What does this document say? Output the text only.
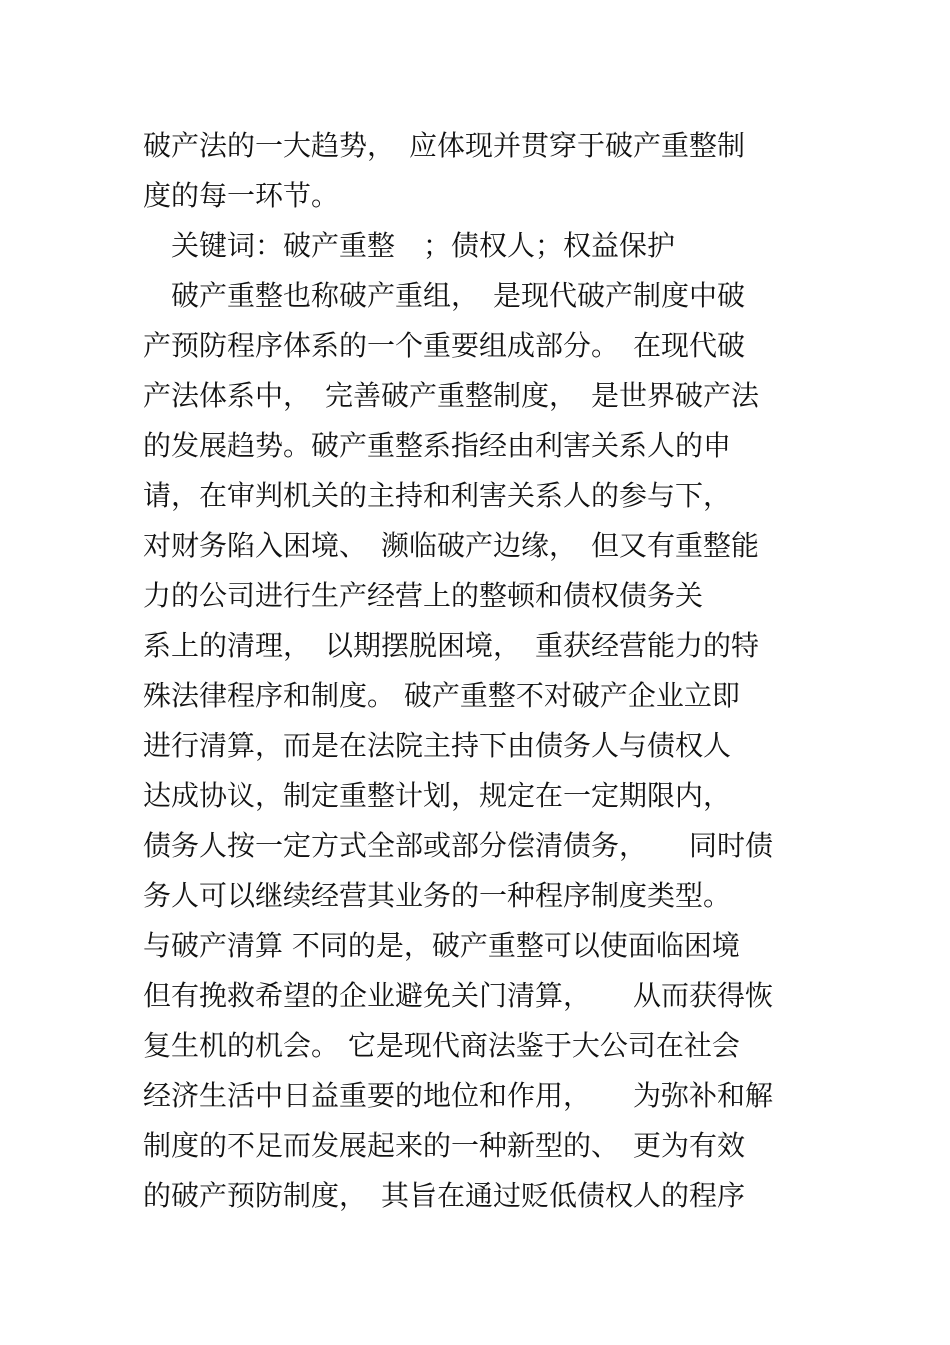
破产法的一大趋势，　应体现并贯穿于破产重整制
度的每一环节。
　关键词：破产重整　；债权人；权益保护
　破产重整也称破产重组，　是现代破产制度中破
产预防程序体系的一个重要组成部分。　在现代破
产法体系中，　完善破产重整制度，　是世界破产法
的发展趋势。破产重整系指经由利害关系人的申
请，在审判机关的主持和利害关系人的参与下，
对财务陷入困境、　濒临破产边缘，　但又有重整能
力的公司进行生产经营上的整顿和债权债务关
系上的清理，　以期摆脱困境，　重获经营能力的特
殊法律程序和制度。 破产重整不对破产企业立即
进行清算，而是在法院主持下由债务人与债权人
达成协议，制定重整计划，规定在一定期限内，
债务人按一定方式全部或部分偿清债务，　　同时债
务人可以继续经营其业务的一种程序制度类型。
与破产清算 不同的是，破产重整可以使面临困境
但有挽救希望的企业避免关门清算，　　从而获得恢
复生机的机会。 它是现代商法鉴于大公司在社会
经济生活中日益重要的地位和作用，　　为弥补和解
制度的不足而发展起来的一种新型的、　更为有效
的破产预防制度，　其旨在通过贬低债权人的程序
